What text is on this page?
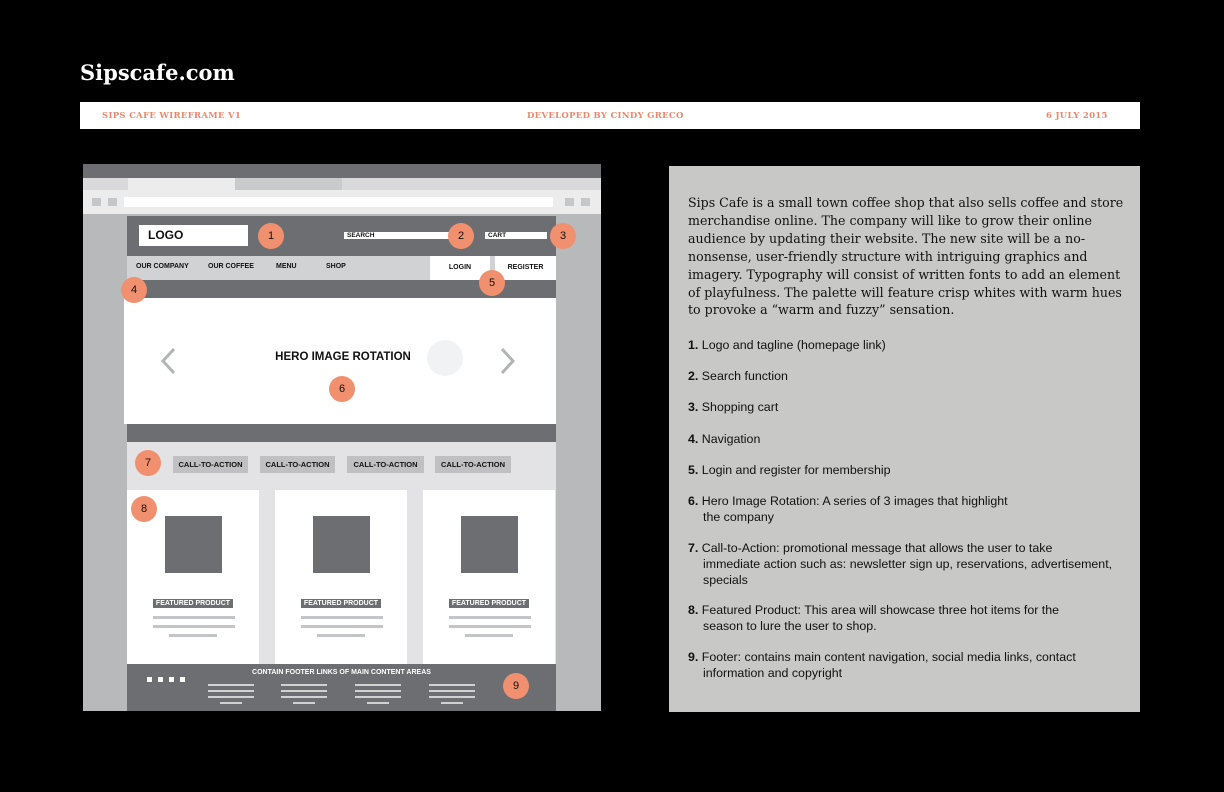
Sipscafe.com
SIPS CAFE WIREFRAME V1	DEVELOPED BY CINDY GRECO	6 JULY 2015
LOGO	SEARCH	CART
OUR COMPANY	OUR COFFEE	MENU	SHOP	LOGIN	REGISTER
HERO IMAGE ROTATION
CALL-TO-ACTION	CALL-TO-ACTION	CALL-TO-ACTION	CALL-TO-ACTION
FEATURED PRODUCT	FEATURED PRODUCT	FEATURED PRODUCT
CONTAIN FOOTER LINKS OF MAIN CONTENT AREAS
1	2	3
4
5
6
7
8
9
Sips Cafe is a small town coffee shop that also sells coffee and store merchandise online. The company will like to grow their online audience by updating their website. The new site will be a no-nonsense, user-friendly structure with intriguing graphics and imagery. Typography will consist of written fonts to add an element of playfulness. The palette will feature crisp whites with warm hues to provoke a “warm and fuzzy” sensation.
1. Logo and tagline (homepage link)
2. Search function
3. Shopping cart
4. Navigation
5. Login and register for membership
6. Hero Image Rotation: A series of 3 images that highlight
the company
7. Call-to-Action: promotional message that allows the user to take
immediate action such as: newsletter sign up, reservations, advertisement, specials
8. Featured Product: This area will showcase three hot items for the
season to lure the user to shop.
9. Footer: contains main content navigation, social media links, contact
information and copyright
